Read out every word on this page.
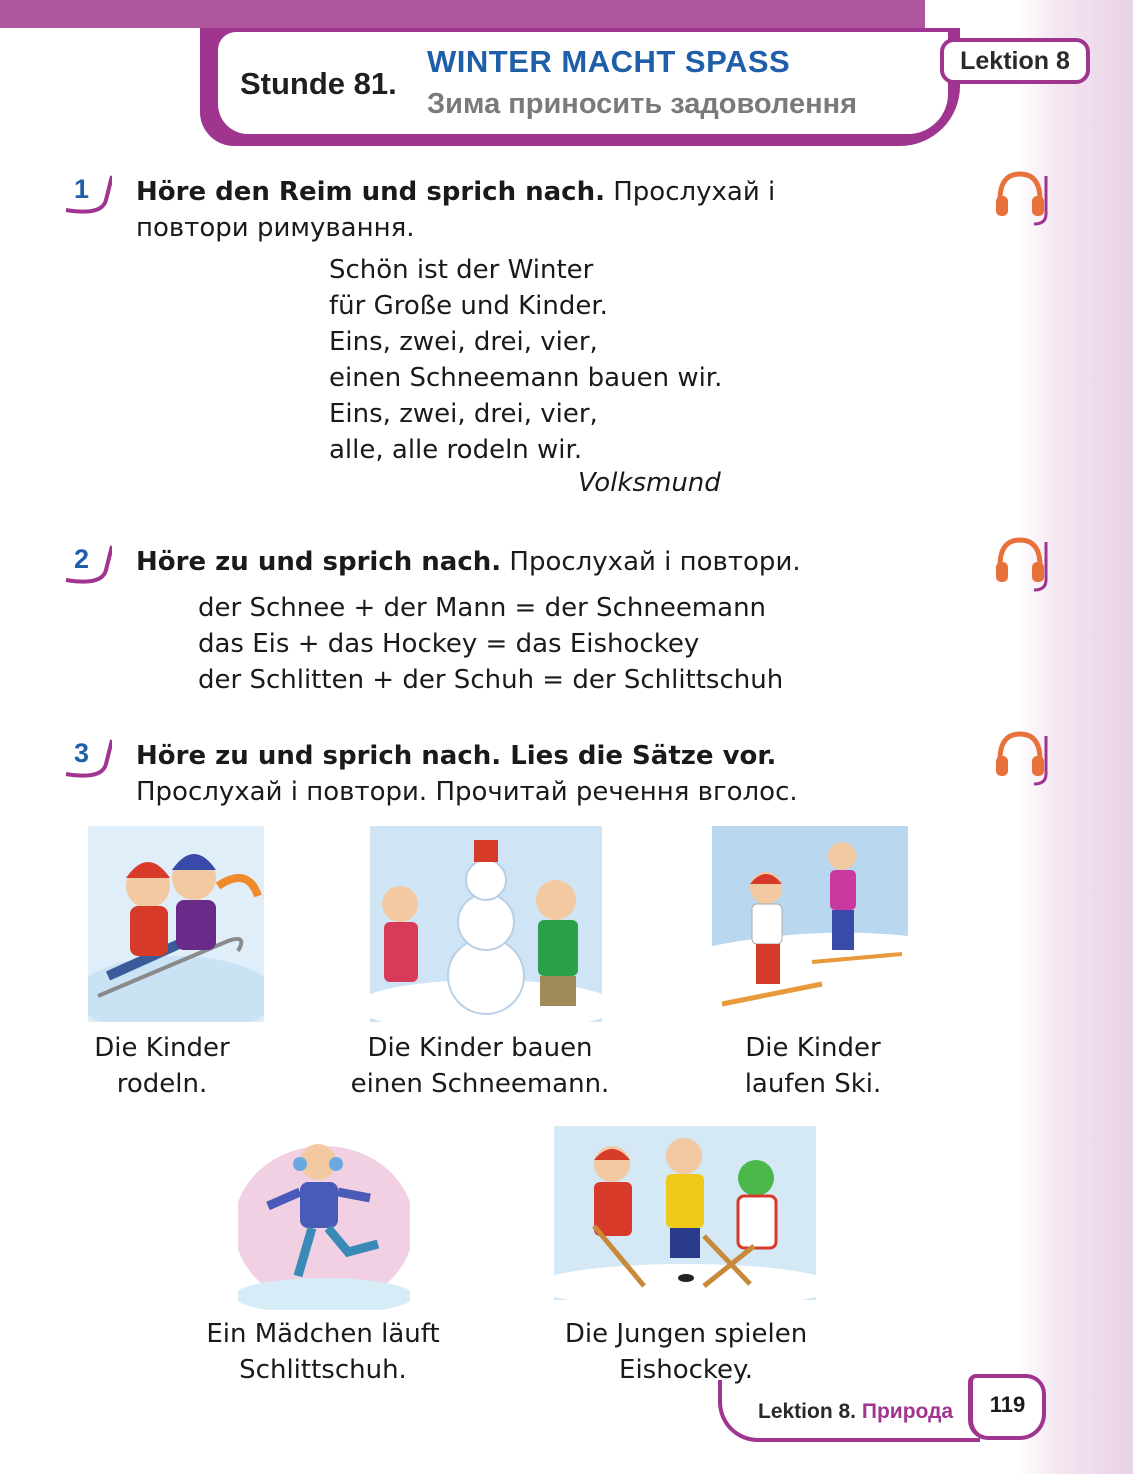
Stunde 81.
WINTER MACHT SPASS
Зима приносить задоволення
Lektion 8
1 Höre den Reim und sprich nach. Прослухай і повтори римування.
Schön ist der Winter
für Große und Kinder.
Eins, zwei, drei, vier,
einen Schneemann bauen wir.
Eins, zwei, drei, vier,
alle, alle rodeln wir.
Volksmund
2 Höre zu und sprich nach. Прослухай і повтори.
der Schnee + der Mann = der Schneemann
das Eis + das Hockey = das Eishockey
der Schlitten + der Schuh = der Schlittschuh
3 Höre zu und sprich nach. Lies die Sätze vor. Прослухай і повтори. Прочитай речення вголос.
Die Kinder
rodeln.
Die Kinder bauen
einen Schneemann.
Die Kinder
laufen Ski.
Ein Mädchen läuft
Schlittschuh.
Die Jungen spielen
Eishockey.
Lektion 8. Природа	119
